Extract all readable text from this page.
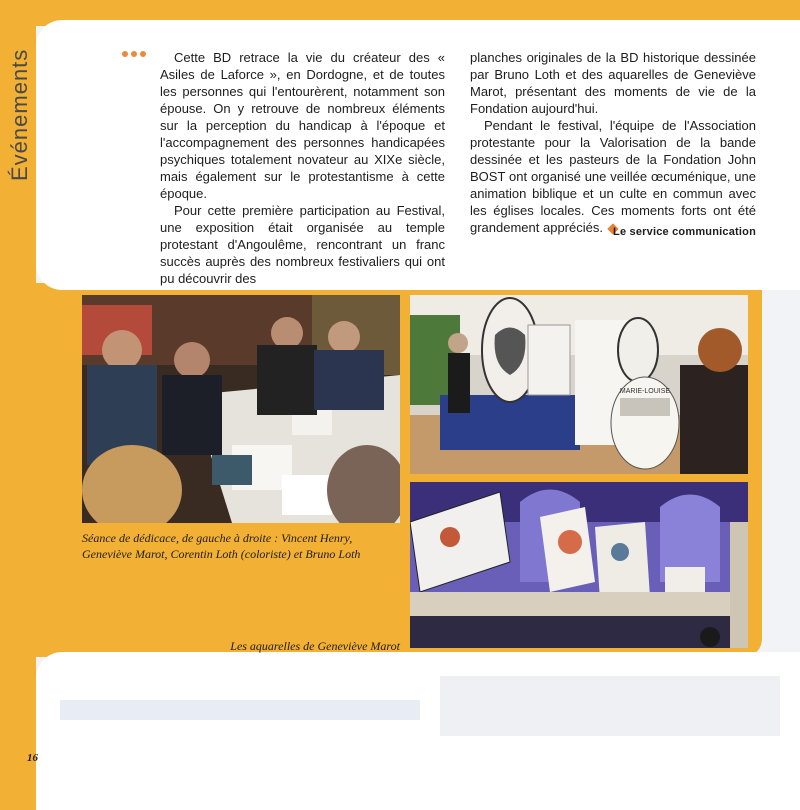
Événements	Cette BD retrace la vie du créateur des « Asiles de Laforce », en Dordogne, et de toutes les personnes qui l'entourèrent, notamment son épouse. On y retrouve de nombreux éléments sur la perception du handicap à l'époque et l'accompagnement des personnes handicapées psychiques totalement novateur au XIXe siècle, mais également sur le protestantisme à cette époque.

Pour cette première participation au Festival, une exposition était organisée au temple protestant d'Angoulême, rencontrant un franc succès auprès des nombreux festivaliers qui ont pu découvrir des

planches originales de la BD historique dessinée par Bruno Loth et des aquarelles de Geneviève Marot, présentant des moments de vie de la Fondation aujourd'hui.

Pendant le festival, l'équipe de l'Association protestante pour la Valorisation de la bande dessinée et les pasteurs de la Fondation John BOST ont organisé une veillée œcuménique, une animation biblique et un culte en commun avec les églises locales. Ces moments forts ont été grandement appréciés. Le service communication
MARIE-LOUISE
Séance de dédicace, de gauche à droite : Vincent Henry, Geneviève Marot, Corentin Loth (coloriste) et Bruno Loth
Les aquarelles de Geneviève Marot
16
